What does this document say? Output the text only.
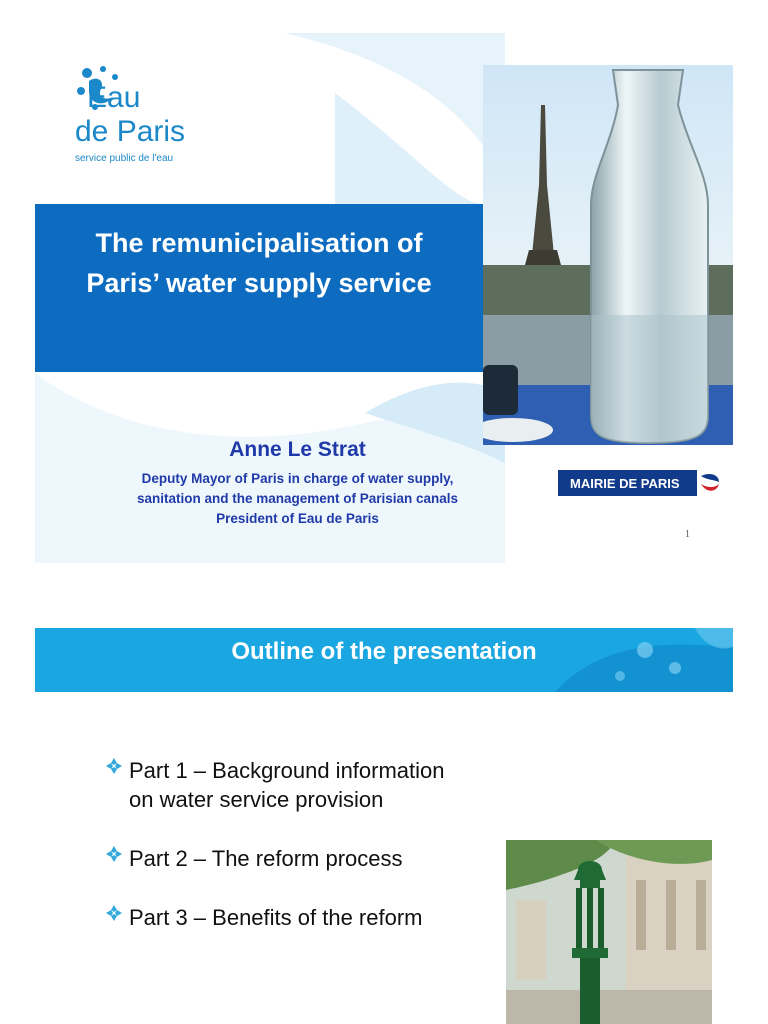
Eau
de Paris
service public de l'eau
The remunicipalisation of
Paris’ water supply service
Anne Le Strat
Deputy Mayor of Paris in charge of water supply,
sanitation and the management of Parisian canals
President of Eau de Paris
MAIRIE DE PARIS
1
Outline of the presentation
Part 1 – Background information
on water service provision
Part 2 – The reform process
Part 3 – Benefits of the reform
